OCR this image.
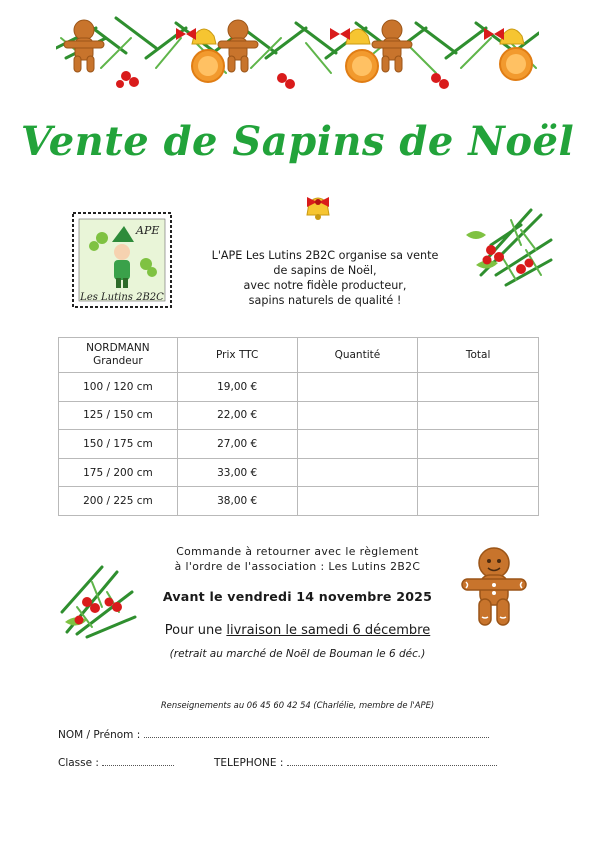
Vente de Sapins de Noël
APE
Les Lutins 2B2C
L'APE Les Lutins 2B2C organise sa vente
de sapins de Noël,
avec notre fidèle producteur,
sapins naturels de qualité !
NORDMANN
Grandeur	Prix TTC	Quantité	Total
100 / 120 cm	19,00 €		
125 / 150 cm	22,00 €		
150 / 175 cm	27,00 €		
175 / 200 cm	33,00 €		
200 / 225 cm	38,00 €		
Commande à retourner avec le règlement
à l'ordre de l'association : Les Lutins 2B2C
Avant le vendredi 14 novembre 2025
Pour une livraison le samedi 6 décembre
(retrait au marché de Noël de Bouman le 6 déc.)
Renseignements au 06 45 60 42 54 (Charlélie, membre de l'APE)
NOM / Prénom :
Classe :	TELEPHONE :
